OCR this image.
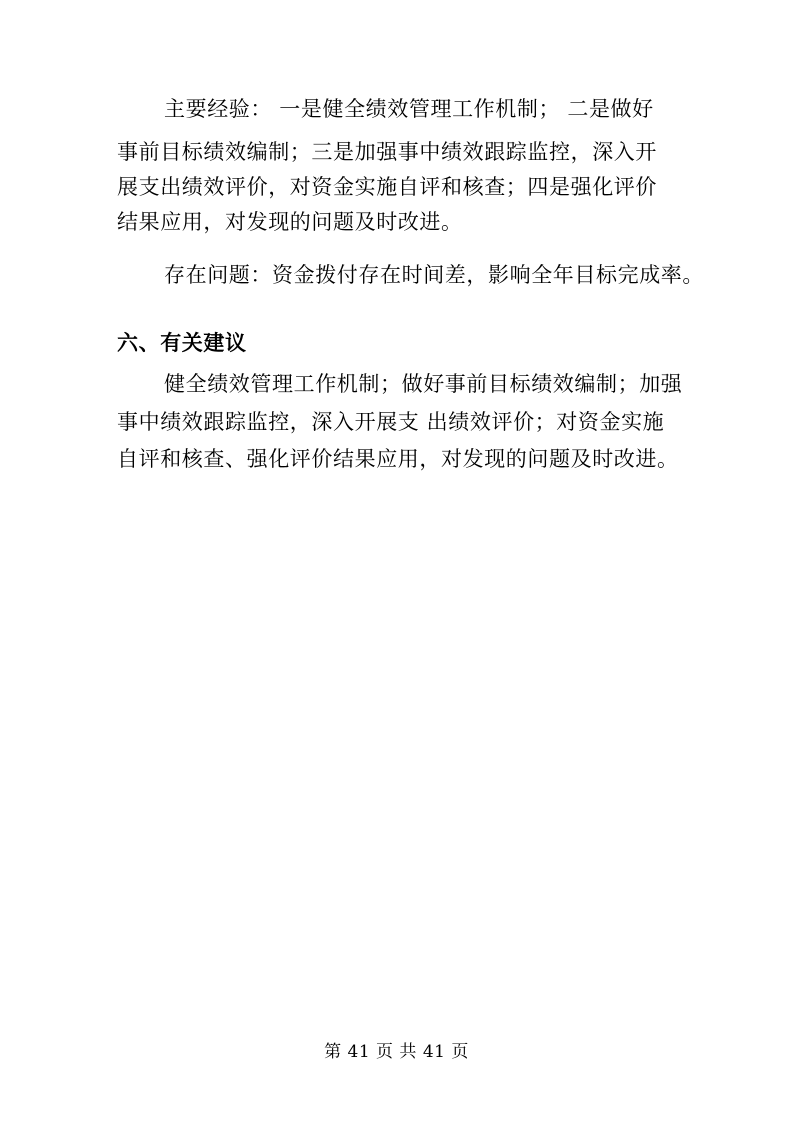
主要经验： 一是健全绩效管理工作机制； 二是做好
事前目标绩效编制；三是加强事中绩效跟踪监控，深入开
展支出绩效评价，对资金实施自评和核查；四是强化评价
结果应用，对发现的问题及时改进。
存在问题：资金拨付存在时间差，影响全年目标完成率。
六、有关建议
健全绩效管理工作机制；做好事前目标绩效编制；加强
事中绩效跟踪监控，深入开展支 出绩效评价；对资金实施
自评和核查、强化评价结果应用，对发现的问题及时改进。
第 41 页 共 41 页
